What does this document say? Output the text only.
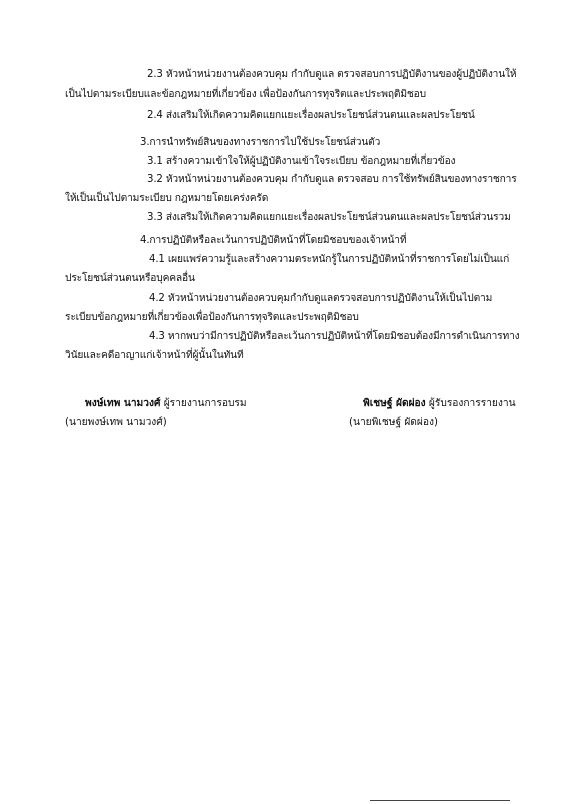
2.3 หัวหน้าหน่วยงานต้องควบคุม กำกับดูแล ตรวจสอบการปฏิบัติงานของผู้ปฏิบัติงานให้
เป็นไปตามระเบียบและข้อกฎหมายที่เกี่ยวข้อง เพื่อป้องกันการทุจริตและประพฤติมิชอบ
2.4 ส่งเสริมให้เกิดความคิดแยกแยะเรื่องผลประโยชน์ส่วนตนและผลประโยชน์
3.การนำทรัพย์สินของทางราชการไปใช้ประโยชน์ส่วนตัว
3.1 สร้างความเข้าใจให้ผู้ปฏิบัติงานเข้าใจระเบียบ ข้อกฎหมายที่เกี่ยวข้อง
3.2 หัวหน้าหน่วยงานต้องควบคุม กำกับดูแล ตรวจสอบ การใช้ทรัพย์สินของทางราชการ
ให้เป็นเป็นไปตามระเบียบ กฎหมายโดยเคร่งครัด
3.3 ส่งเสริมให้เกิดความคิดแยกแยะเรื่องผลประโยชน์ส่วนตนและผลประโยชน์ส่วนรวม
4.การปฏิบัติหรือละเว้นการปฏิบัติหน้าที่โดยมิชอบของเจ้าหน้าที่
4.1 เผยแพร่ความรู้และสร้างความตระหนักรู้ในการปฏิบัติหน้าที่ราชการโดยไม่เป็นแก่
ประโยชน์ส่วนตนหรือบุคคลอื่น
4.2 หัวหน้าหน่วยงานต้องควบคุมกำกับดูแลตรวจสอบการปฏิบัติงานให้เป็นไปตาม
ระเบียบข้อกฎหมายที่เกี่ยวข้องเพื่อป้องกันการทุจริตและประพฤติมิชอบ
4.3 หากพบว่ามีการปฏิบัติหรือละเว้นการปฏิบัติหน้าที่โดยมิชอบต้องมีการดำเนินการทาง
วินัยและคดีอาญาแก่เจ้าหน้าที่ผู้นั้นในทันที
พงษ์เทพ นามวงศ์ ผู้รายงานการอบรม
(นายพงษ์เทพ นามวงศ์)
พิเชษฐ์ ผัดผ่อง ผู้รับรองการรายงาน
(นายพิเชษฐ์ ผัดผ่อง)
